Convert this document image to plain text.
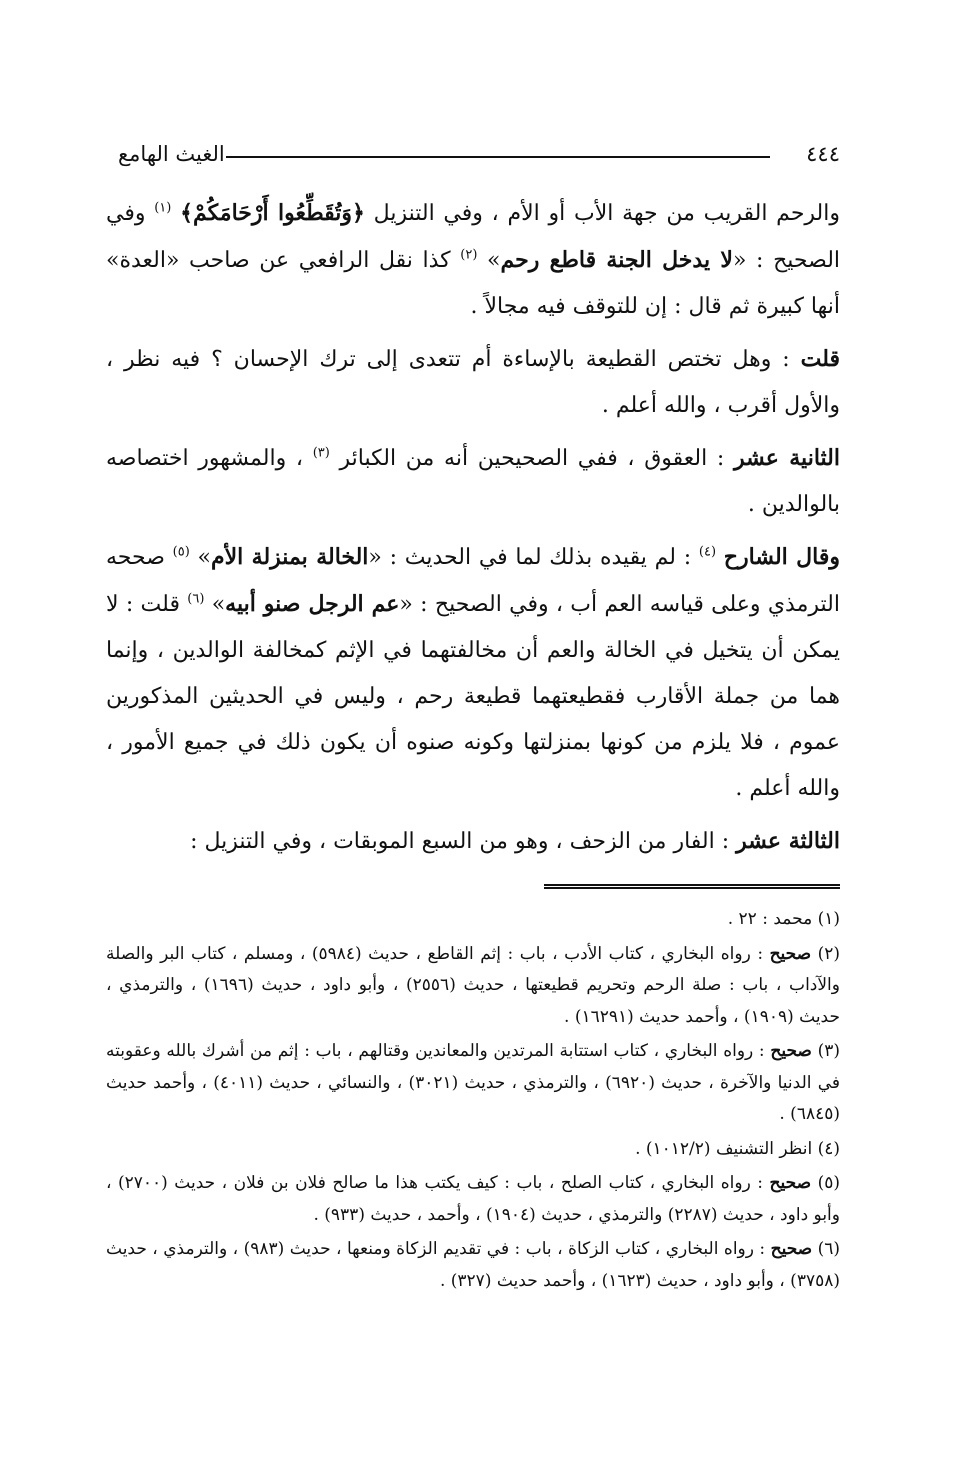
الغيث الهامع	٤٤٤

والرحم القريب من جهة الأب أو الأم ، وفي التنزيل ﴿وَتُقَطِّعُوا أَرْحَامَكُمْ﴾ $^{(١)}$ وفي الصحيح : «لا يدخل الجنة قاطع رحم» $^{(٢)}$ كذا نقل الرافعي عن صاحب «العدة» أنها كبيرة ثم قال : إن للتوقف فيه مجالاً .

قلت : وهل تختص القطيعة بالإساءة أم تتعدى إلى ترك الإحسان ؟ فيه نظر ، والأول أقرب ، والله أعلم .

الثانية عشر : العقوق ، ففي الصحيحين أنه من الكبائر $^{(٣)}$ ، والمشهور اختصاصه بالوالدين .

وقال الشارح $^{(٤)}$ : لم يقيده بذلك لما في الحديث : «الخالة بمنزلة الأم» $^{(٥)}$ صححه الترمذي وعلى قياسه العم أب ، وفي الصحيح : «عم الرجل صنو أبيه» $^{(٦)}$ قلت : لا يمكن أن يتخيل في الخالة والعم أن مخالفتهما في الإثم كمخالفة الوالدين ، وإنما هما من جملة الأقارب فقطيعتهما قطيعة رحم ، وليس في الحديثين المذكورين عموم ، فلا يلزم من كونها بمنزلتها وكونه صنوه أن يكون ذلك في جميع الأمور ، والله أعلم .

الثالثة عشر : الفار من الزحف ، وهو من السبع الموبقات ، وفي التنزيل :

(١) محمد : ٢٢ .

(٢) صحيح : رواه البخاري ، كتاب الأدب ، باب : إثم القاطع ، حديث (٥٩٨٤) ، ومسلم ، كتاب البر والصلة والآداب ، باب : صلة الرحم وتحريم قطيعتها ، حديث (٢٥٥٦) ، وأبو داود ، حديث (١٦٩٦) ، والترمذي ، حديث (١٩٠٩) ، وأحمد حديث (١٦٢٩١) .

(٣) صحيح : رواه البخاري ، كتاب استتابة المرتدين والمعاندين وقتالهم ، باب : إثم من أشرك بالله وعقوبته في الدنيا والآخرة ، حديث (٦٩٢٠) ، والترمذي ، حديث (٣٠٢١) ، والنسائي ، حديث (٤٠١١) ، وأحمد حديث (٦٨٤٥) .

(٤) انظر التشنيف (١٠١٢/٢) .

(٥) صحيح : رواه البخاري ، كتاب الصلح ، باب : كيف يكتب هذا ما صالح فلان بن فلان ، حديث (٢٧٠٠) ، وأبو داود ، حديث (٢٢٨٧) والترمذي ، حديث (١٩٠٤) ، وأحمد ، حديث (٩٣٣) .

(٦) صحيح : رواه البخاري ، كتاب الزكاة ، باب : في تقديم الزكاة ومنعها ، حديث (٩٨٣) ، والترمذي ، حديث (٣٧٥٨) ، وأبو داود ، حديث (١٦٢٣) ، وأحمد حديث (٣٢٧) .
